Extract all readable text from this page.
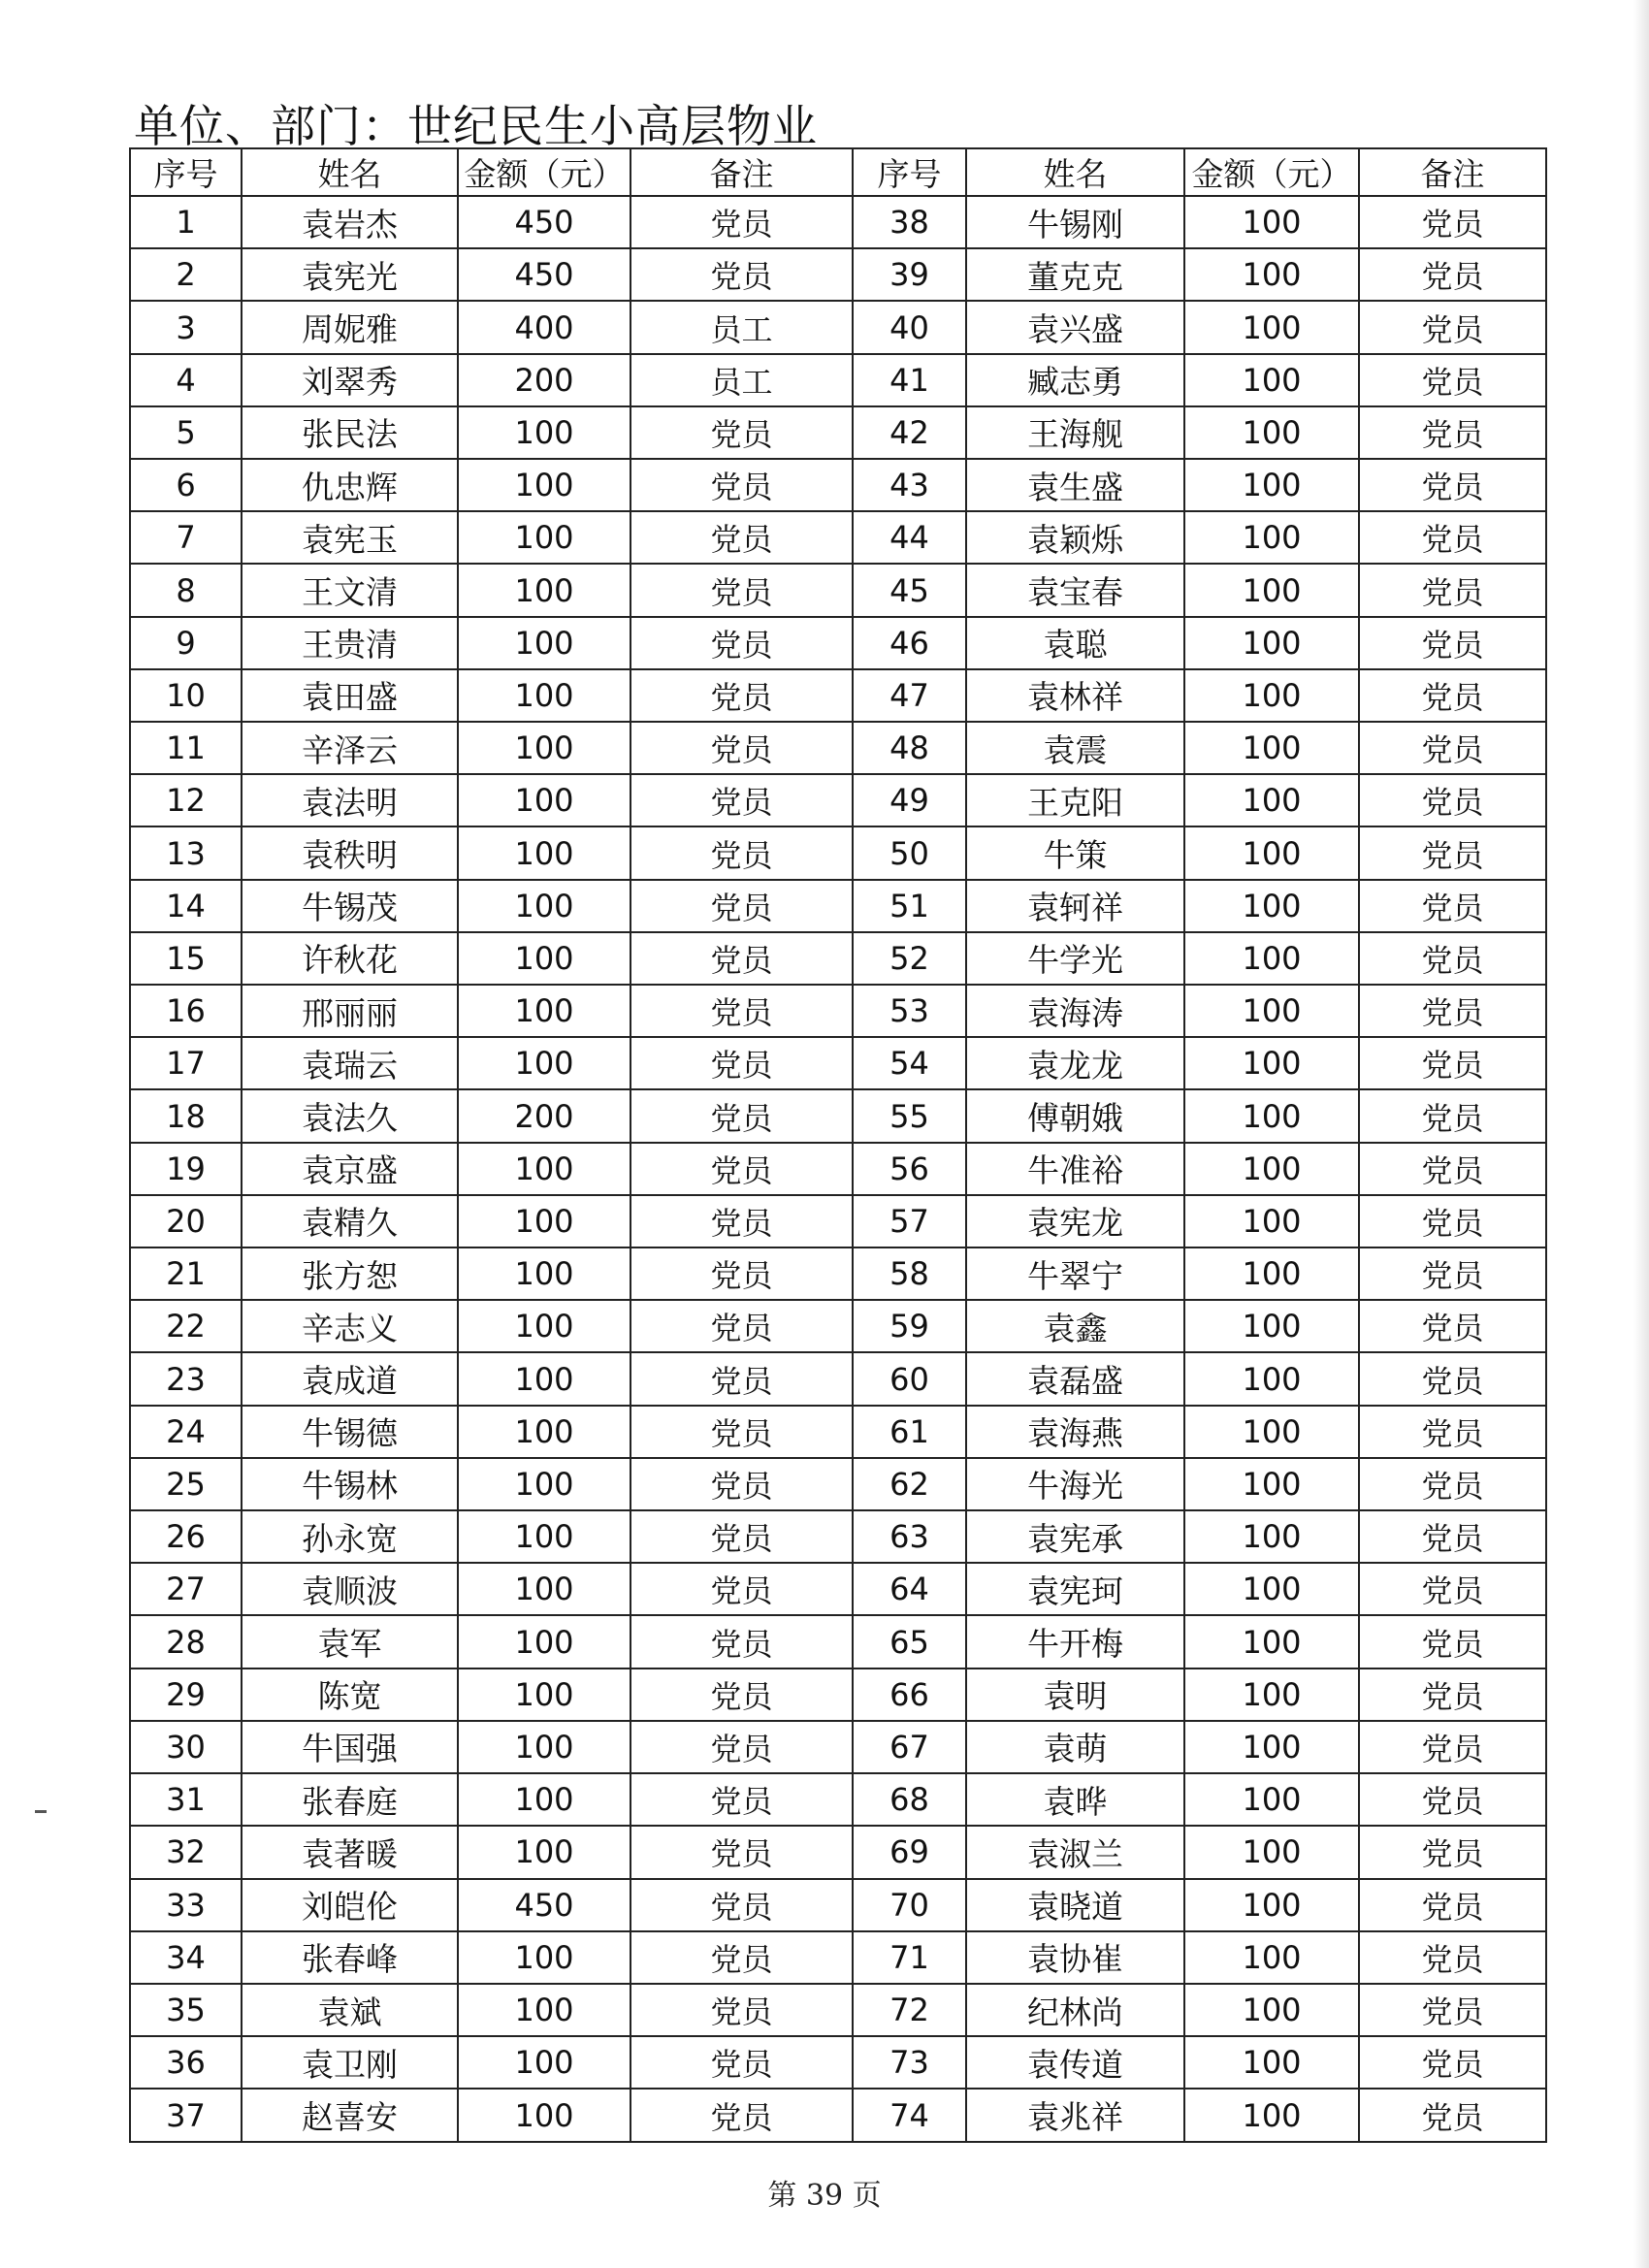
单位、部门：世纪民生小高层物业
序号	姓名	金额（元）	备注	序号	姓名	金额（元）	备注
1	袁岩杰	450	党员	38	牛锡刚	100	党员
2	袁宪光	450	党员	39	董克克	100	党员
3	周妮雅	400	员工	40	袁兴盛	100	党员
4	刘翠秀	200	员工	41	臧志勇	100	党员
5	张民法	100	党员	42	王海舰	100	党员
6	仇忠辉	100	党员	43	袁生盛	100	党员
7	袁宪玉	100	党员	44	袁颖烁	100	党员
8	王文清	100	党员	45	袁宝春	100	党员
9	王贵清	100	党员	46	袁聪	100	党员
10	袁田盛	100	党员	47	袁林祥	100	党员
11	辛泽云	100	党员	48	袁震	100	党员
12	袁法明	100	党员	49	王克阳	100	党员
13	袁秩明	100	党员	50	牛策	100	党员
14	牛锡茂	100	党员	51	袁轲祥	100	党员
15	许秋花	100	党员	52	牛学光	100	党员
16	邢丽丽	100	党员	53	袁海涛	100	党员
17	袁瑞云	100	党员	54	袁龙龙	100	党员
18	袁法久	200	党员	55	傅朝娥	100	党员
19	袁京盛	100	党员	56	牛准裕	100	党员
20	袁精久	100	党员	57	袁宪龙	100	党员
21	张方恕	100	党员	58	牛翠宁	100	党员
22	辛志义	100	党员	59	袁鑫	100	党员
23	袁成道	100	党员	60	袁磊盛	100	党员
24	牛锡德	100	党员	61	袁海燕	100	党员
25	牛锡林	100	党员	62	牛海光	100	党员
26	孙永宽	100	党员	63	袁宪承	100	党员
27	袁顺波	100	党员	64	袁宪珂	100	党员
28	袁军	100	党员	65	牛开梅	100	党员
29	陈宽	100	党员	66	袁明	100	党员
30	牛国强	100	党员	67	袁萌	100	党员
31	张春庭	100	党员	68	袁晔	100	党员
32	袁著暖	100	党员	69	袁淑兰	100	党员
33	刘皑伦	450	党员	70	袁晓道	100	党员
34	张春峰	100	党员	71	袁协崔	100	党员
35	袁斌	100	党员	72	纪林尚	100	党员
36	袁卫刚	100	党员	73	袁传道	100	党员
37	赵喜安	100	党员	74	袁兆祥	100	党员
第 39 页
